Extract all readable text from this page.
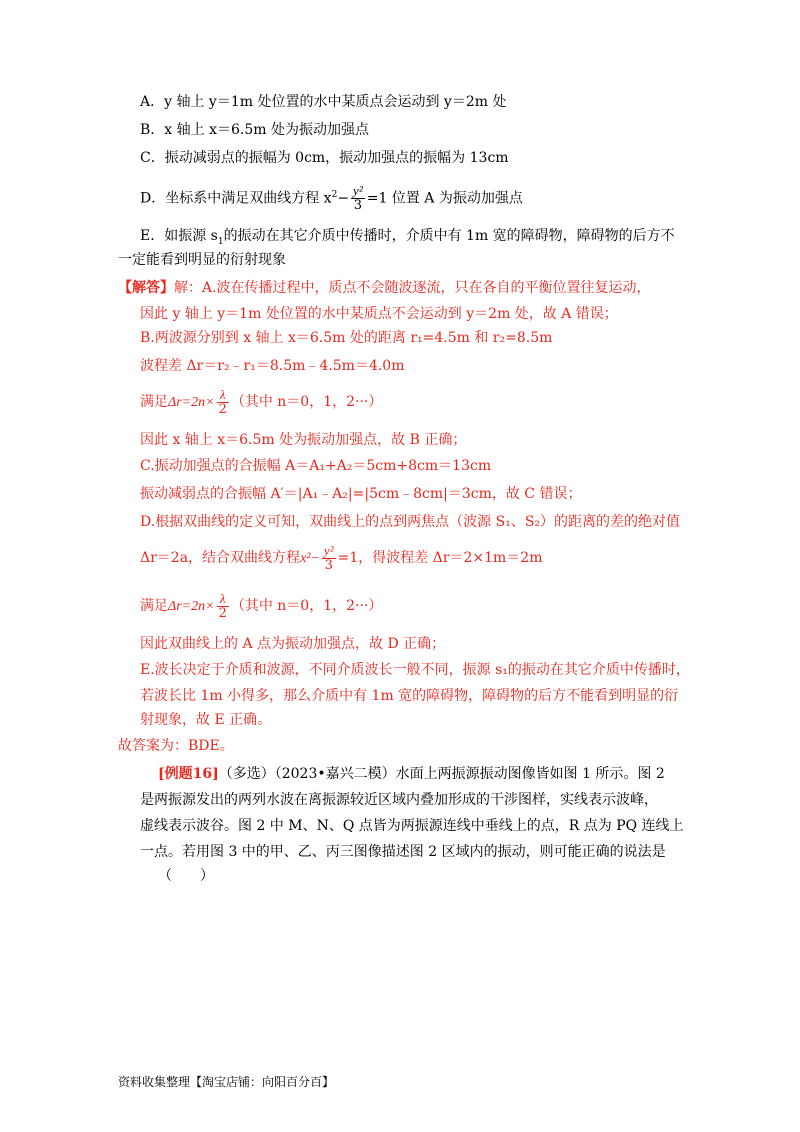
A．y 轴上 y＝1m 处位置的水中某质点会运动到 y＝2m 处
B．x 轴上 x＝6.5m 处为振动加强点
C．振动减弱点的振幅为 0cm，振动加强点的振幅为 13cm
D．坐标系中满足双曲线方程 $x^2- \frac{\text{y²}}{3} =1$ 位置 A 为振动加强点
E．如振源 $s_1$的振动在其它介质中传播时，介质中有 1m 宽的障碍物，障碍物的后方不
一定能看到明显的衍射现象
【解答】解：A.波在传播过程中，质点不会随波逐流，只在各自的平衡位置往复运动，
因此 y 轴上 y＝1m 处位置的水中某质点不会运动到 y＝2m 处，故 A 错误；
B.两波源分别到 x 轴上 x＝6.5m 处的距离 r₁=4.5m 和 r₂=8.5m
波程差 Δr＝r₂﹣r₁＝8.5m﹣4.5m＝4.0m
满足$\Delta r=2n\times \frac{\lambda}{2}$ （其中 n＝0，1，2···）
因此 x 轴上 x＝6.5m 处为振动加强点，故 B 正确；
C.振动加强点的合振幅 A＝A₁+A₂＝5cm+8cm＝13cm
振动减弱点的合振幅 A′＝|A₁﹣A₂|=|5cm﹣8cm|＝3cm，故 C 错误；
D.根据双曲线的定义可知，双曲线上的点到两焦点（波源 S₁、S₂）的距离的差的绝对值
Δr＝2a，结合双曲线方程$x^2- \frac{\text{y²}}{3} =1$，得波程差 Δr＝2×1m＝2m
满足$\Delta r=2n\times \frac{\lambda}{2}$ （其中 n＝0，1，2···）
因此双曲线上的 A 点为振动加强点，故 D 正确；
E.波长决定于介质和波源，不同介质波长一般不同，振源 s₁的振动在其它介质中传播时，
若波长比 1m 小得多，那么介质中有 1m 宽的障碍物，障碍物的后方不能看到明显的衍
射现象，故 E 正确。
故答案为：BDE。
[例题16]（多选）（2023•嘉兴二模）水面上两振源振动图像皆如图 1 所示。图 2
是两振源发出的两列水波在离振源较近区域内叠加形成的干涉图样，实线表示波峰，
虚线表示波谷。图 2 中 M、N、Q 点皆为两振源连线中垂线上的点，R 点为 PQ 连线上
一点。若用图 3 中的甲、乙、丙三图像描述图 2 区域内的振动，则可能正确的说法是
（　　）
资料收集整理【淘宝店铺：向阳百分百】
